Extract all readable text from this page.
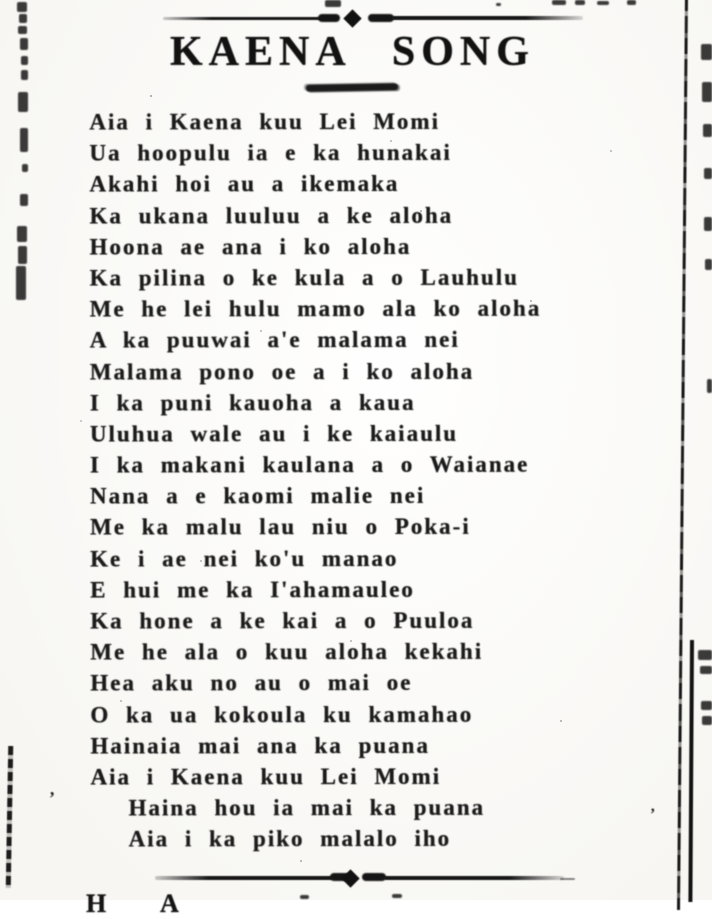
KAENA SONG
Aia i Kaena kuu Lei Momi
Ua hoopulu ia e ka hunakai
Akahi hoi au a ikemaka
Ka ukana luuluu a ke aloha
Hoona ae ana i ko aloha
Ka pilina o ke kula a o Lauhulu
Me he lei hulu mamo ala ko aloha
A ka puuwai a'e malama nei
Malama pono oe a i ko aloha
I ka puni kauoha a kaua
Uluhua wale au i ke kaiaulu
I ka makani kaulana a o Waianae
Nana a e kaomi malie nei
Me ka malu lau niu o Poka-i
Ke i ae nei ko'u manao
E hui me ka I'ahamauleo
Ka hone a ke kai a o Puuloa
Me he ala o kuu aloha kekahi
Hea aku no au o mai oe
O ka ua kokoula ku kamahao
Hainaia mai ana ka puana
Aia i Kaena kuu Lei Momi
Haina hou ia mai ka puana
Aia i ka piko malalo iho
H A
’
’
